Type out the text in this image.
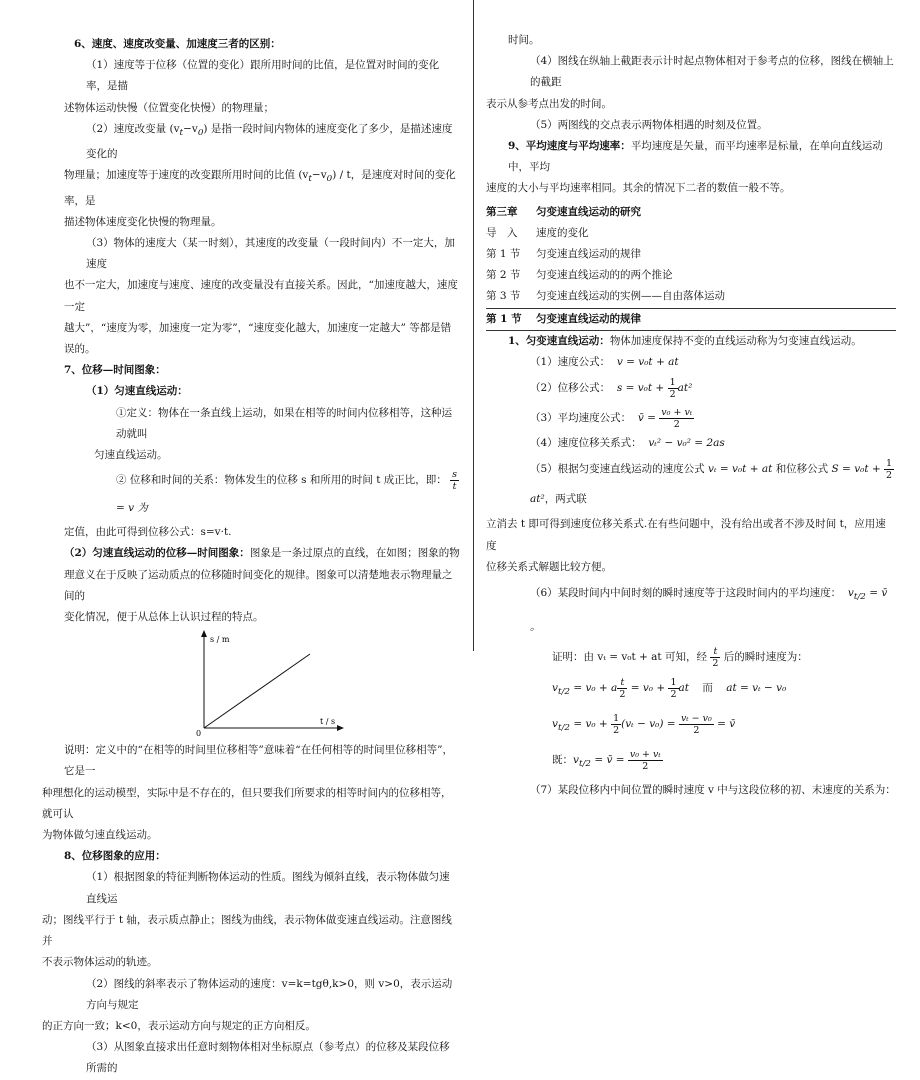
6、速度、速度改变量、加速度三者的区别：

（1）速度等于位移（位置的变化）跟所用时间的比值，是位置对时间的变化率，是描

述物体运动快慢（位置变化快慢）的物理量；

（2）速度改变量 $(v_t-v_0)$ 是指一段时间内物体的速度变化了多少，是描述速度变化的

物理量；加速度等于速度的改变跟所用时间的比值 $(v_t-v_0) / t$，是速度对时间的变化率，是

描述物体速度变化快慢的物理量。

（3）物体的速度大（某一时刻），其速度的改变量（一段时间内）不一定大，加速度

也不一定大，加速度与速度、速度的改变量没有直接关系。因此，“加速度越大，速度一定

越大”，“速度为零，加速度一定为零”，“速度变化越大，加速度一定越大” 等都是错误的。

7、位移—时间图象：

（1）匀速直线运动：

①定义：物体在一条直线上运动，如果在相等的时间内位移相等，这种运动就叫

匀速直线运动。

② 位移和时间的关系：物体发生的位移 s 和所用的时间 t 成正比，即： $\frac{s}{t}$
= v 为

定值，由此可得到位移公式：s=v·t.

（2）匀速直线运动的位移—时间图象：图象是一条过原点的直线，在如图；图象的物

理意义在于反映了运动质点的位移随时间变化的规律。图象可以清楚地表示物理量之间的

变化情况，便于从总体上认识过程的特点。

s / m
t / s
0

说明：定义中的“在相等的时间里位移相等”意味着“在任何相等的时间里位移相等”，它是一

种理想化的运动模型，实际中是不存在的，但只要我们所要求的相等时间内的位移相等，就可认

为物体做匀速直线运动。

8、位移图象的应用：

（1）根据图象的特征判断物体运动的性质。图线为倾斜直线，表示物体做匀速直线运

动；图线平行于 t 轴，表示质点静止；图线为曲线，表示物体做变速直线运动。注意图线并

不表示物体运动的轨迹。

（2）图线的斜率表示了物体运动的速度：v=k=tgθ,k>0，则 v>0，表示运动方向与规定

的正方向一致；k<0，表示运动方向与规定的正方向相反。

（3）从图象直接求出任意时刻物体相对坐标原点（参考点）的位移及某段位移所需的

时间。

（4）图线在纵轴上截距表示计时起点物体相对于参考点的位移，图线在横轴上的截距

表示从参考点出发的时间。

（5）两图线的交点表示两物体相遇的时刻及位置。

9、平均速度与平均速率：平均速度是矢量，而平均速率是标量，在单向直线运动中，平均

速度的大小与平均速率相同。其余的情况下二者的数值一般不等。

第三章	匀变速直线运动的研究
导　入	速度的变化
第 1 节	匀变速直线运动的规律
第 2 节	匀变速直线运动的的两个推论
第 3 节	匀变速直线运动的实例——自由落体运动
第 1 节	匀变速直线运动的规律

1、匀变速直线运动：物体加速度保持不变的直线运动称为匀变速直线运动。

（1）速度公式： v = v₀t + at

（2）位移公式： $s = v_0t + \frac{1}{2} at^2$

（3）平均速度公式： v̄ = $\frac{\text{v₀ + vₜ}}{2}$

（4）速度位移关系式： vₜ² − v₀² = 2as

（5）根据匀变速直线运动的速度公式 vₜ = v₀t + at 和位移公式 $S = v_0t + \frac{1}{2}$
at²，两式联

立消去 t 即可得到速度位移关系式.在有些问题中，没有给出或者不涉及时间 t，应用速度

位移关系式解题比较方便。

（6）某段时间内中间时刻的瞬时速度等于这段时间内的平均速度： $v_{t/2}$ = v̄ 。

证明：由 vₜ = v₀t + at 可知，经 $\frac{t}{2}$ 后的瞬时速度为：

$v_{t/2} = v_0 + a \frac{t}{2} = v_0 + \frac{1}{2}$ at 而 at = vₜ − v₀

$v_{t/2} = v_0 + \frac{1}{2} (v_t - v_0) = \frac{\text{vₜ − v₀}}{2}$ = v̄

既：$v_{t/2}$ = v̄ = $\frac{\text{v₀ + vₜ}}{2}$

（7）某段位移内中间位置的瞬时速度 v 中与这段位移的初、末速度的关系为：
